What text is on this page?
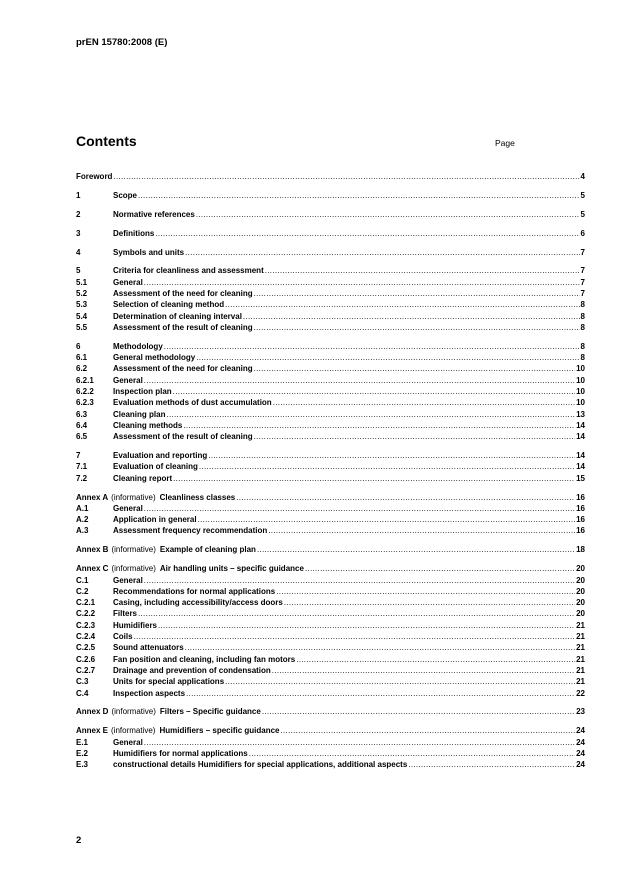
prEN 15780:2008 (E)
Contents	Page
Foreword .....	4
1	Scope .....	5
2	Normative references .....	5
3	Definitions .....	6
4	Symbols and units .....	7
5	Criteria for cleanliness and assessment .....	7
5.1	General .....	7
5.2	Assessment of the need for cleaning .....	7
5.3	Selection of cleaning method .....	8
5.4	Determination of cleaning interval .....	8
5.5	Assessment of the result of cleaning .....	8
6	Methodology .....	8
6.1	General methodology .....	8
6.2	Assessment of the need for cleaning .....	10
6.2.1	General .....	10
6.2.2	Inspection plan .....	10
6.2.3	Evaluation methods of dust accumulation .....	10
6.3	Cleaning plan .....	13
6.4	Cleaning methods .....	14
6.5	Assessment of the result of cleaning .....	14
7	Evaluation and reporting .....	14
7.1	Evaluation of cleaning .....	14
7.2	Cleaning report .....	15
Annex A (informative) Cleanliness classes .....	16
A.1	General .....	16
A.2	Application in general .....	16
A.3	Assessment frequency recommendation .....	16
Annex B (informative) Example of cleaning plan .....	18
Annex C (informative) Air handling units – specific guidance .....	20
C.1	General .....	20
C.2	Recommendations for normal applications .....	20
C.2.1	Casing, including accessibility/access doors .....	20
C.2.2	Filters .....	20
C.2.3	Humidifiers .....	21
C.2.4	Coils .....	21
C.2.5	Sound attenuators .....	21
C.2.6	Fan position and cleaning, including fan motors .....	21
C.2.7	Drainage and prevention of condensation .....	21
C.3	Units for special applications .....	21
C.4	Inspection aspects .....	22
Annex D (informative) Filters – Specific guidance .....	23
Annex E (informative) Humidifiers – specific guidance .....	24
E.1	General .....	24
E.2	Humidifiers for normal applications .....	24
E.3	constructional details Humidifiers for special applications, additional aspects .....	24
2
